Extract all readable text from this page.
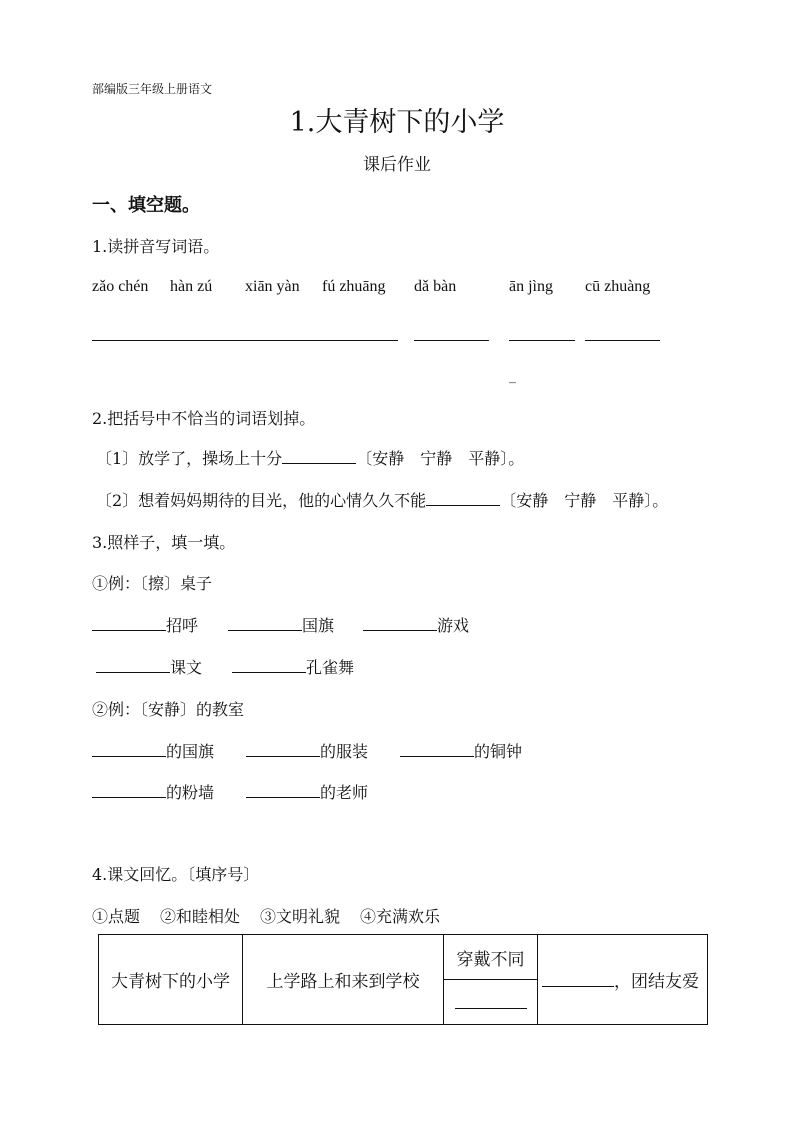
部编版三年级上册语文
1.大青树下的小学
课后作业
一、填空题。
1.读拼音写词语。
zǎo chén hàn zú xiān yàn fú zhuāng dǎ bàn	ān jìng cū zhuàng
_
2.把括号中不恰当的词语划掉。
〔1〕放学了，操场上十分	〔安静　宁静　平静〕。
〔2〕想着妈妈期待的目光，他的心情久久不能	〔安静　宁静　平静〕。
3.照样子，填一填。
①例：〔擦〕桌子
招呼	国旗	游戏
课文	孔雀舞
②例：〔安静〕的教室
的国旗	的服装	的铜钟
的粉墙	的老师
4.课文回忆。〔填序号〕
①点题 ②和睦相处 ③文明礼貌 ④充满欢乐
大青树下的小学	上学路上和来到学校	穿戴不同	，团结友爱
